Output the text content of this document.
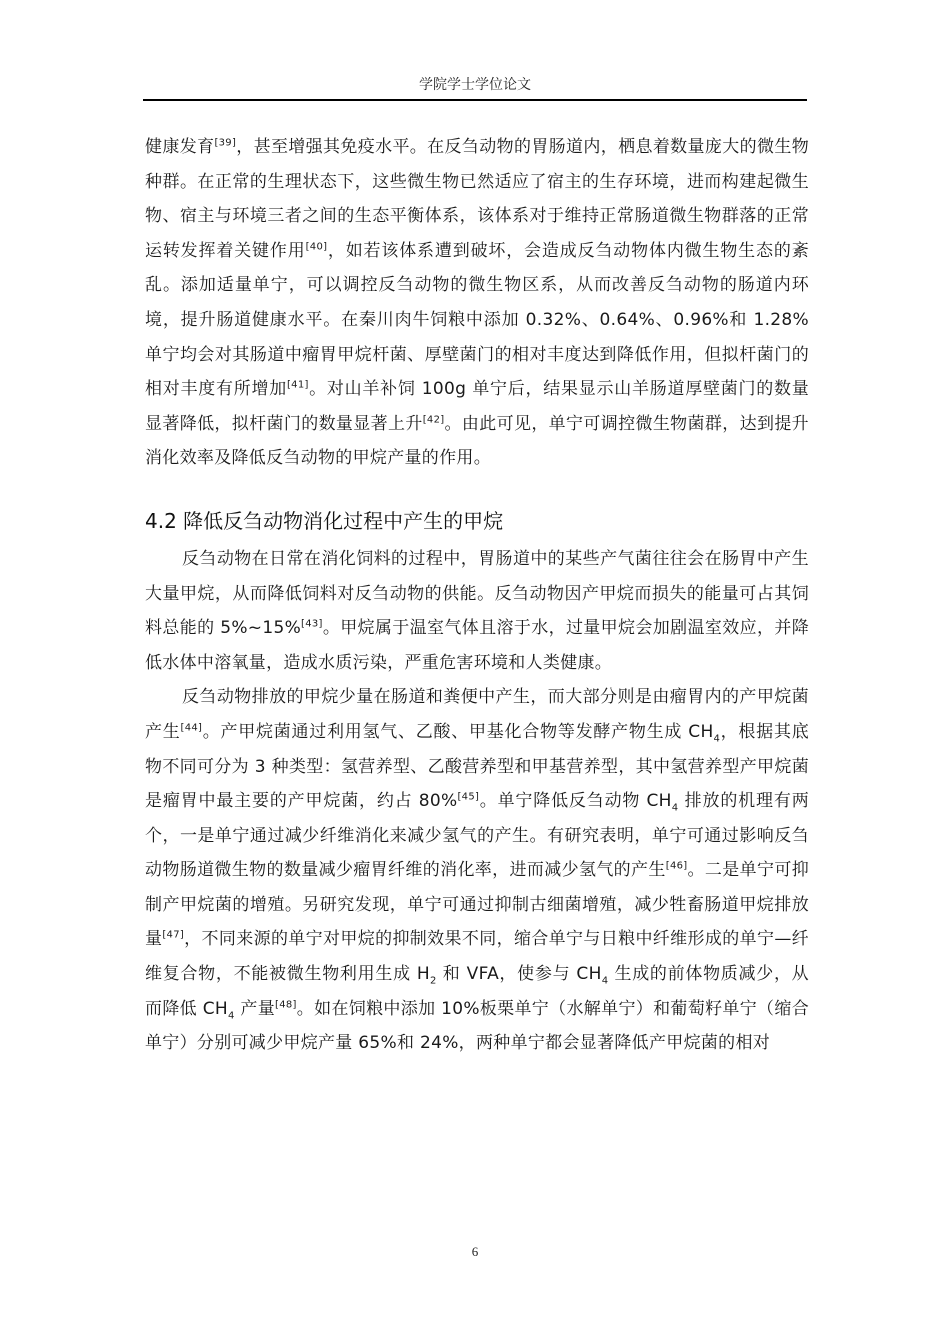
学院学士学位论文

健康发育[39]，甚至增强其免疫水平。在反刍动物的胃肠道内，栖息着数量庞大的微生物种群。在正常的生理状态下，这些微生物已然适应了宿主的生存环境，进而构建起微生物、宿主与环境三者之间的生态平衡体系，该体系对于维持正常肠道微生物群落的正常运转发挥着关键作用[40]，如若该体系遭到破坏，会造成反刍动物体内微生物生态的紊乱。添加适量单宁，可以调控反刍动物的微生物区系，从而改善反刍动物的肠道内环境，提升肠道健康水平。在秦川肉牛饲粮中添加 0.32%、0.64%、0.96%和 1.28%单宁均会对其肠道中瘤胃甲烷杆菌、厚壁菌门的相对丰度达到降低作用，但拟杆菌门的相对丰度有所增加[41]。对山羊补饲 100g 单宁后，结果显示山羊肠道厚壁菌门的数量显著降低，拟杆菌门的数量显著上升[42]。由此可见，单宁可调控微生物菌群，达到提升消化效率及降低反刍动物的甲烷产量的作用。

4.2 降低反刍动物消化过程中产生的甲烷

反刍动物在日常在消化饲料的过程中，胃肠道中的某些产气菌往往会在肠胃中产生大量甲烷，从而降低饲料对反刍动物的供能。反刍动物因产甲烷而损失的能量可占其饲料总能的 5%~15%[43]。甲烷属于温室气体且溶于水，过量甲烷会加剧温室效应，并降低水体中溶氧量，造成水质污染，严重危害环境和人类健康。

反刍动物排放的甲烷少量在肠道和粪便中产生，而大部分则是由瘤胃内的产甲烷菌产生[44]。产甲烷菌通过利用氢气、乙酸、甲基化合物等发酵产物生成 $CH_4$，根据其底物不同可分为 3 种类型：氢营养型、乙酸营养型和甲基营养型，其中氢营养型产甲烷菌是瘤胃中最主要的产甲烷菌，约占 80%[45]。单宁降低反刍动物 $CH_4$ 排放的机理有两个，一是单宁通过减少纤维消化来减少氢气的产生。有研究表明，单宁可通过影响反刍动物肠道微生物的数量减少瘤胃纤维的消化率，进而减少氢气的产生[46]。二是单宁可抑制产甲烷菌的增殖。另研究发现，单宁可通过抑制古细菌增殖，减少牲畜肠道甲烷排放量[47]，不同来源的单宁对甲烷的抑制效果不同，缩合单宁与日粮中纤维形成的单宁—纤维复合物，不能被微生物利用生成 $H_2$ 和 VFA，使参与 $CH_4$ 生成的前体物质减少，从而降低 $CH_4$ 产量[48]。如在饲粮中添加 10%板栗单宁（水解单宁）和葡萄籽单宁（缩合单宁）分别可减少甲烷产量 65%和 24%，两种单宁都会显著降低产甲烷菌的相对

6
